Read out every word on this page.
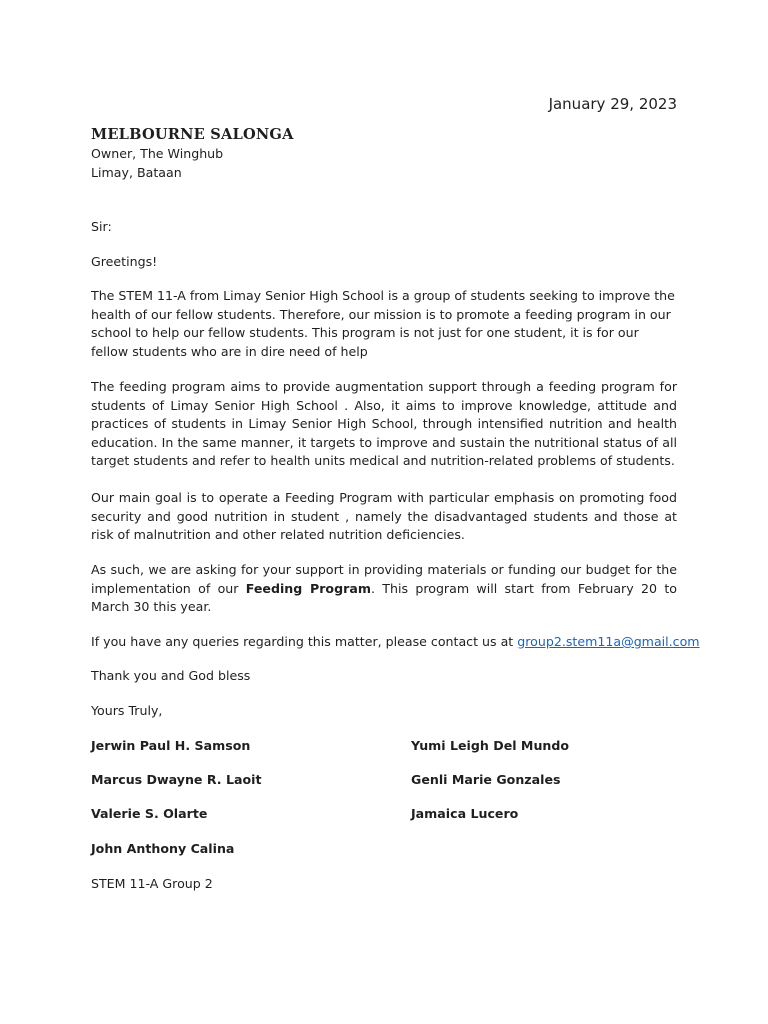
January 29, 2023

MELBOURNE SALONGA

Owner, The Winghub

Limay, Bataan

Sir:

Greetings!

The STEM 11-A from Limay Senior High School is a group of students seeking to improve the health of our fellow students. Therefore, our mission is to promote a feeding program in our school to help our fellow students. This program is not just for one student, it is for our fellow students who are in dire need of help

The feeding program aims to provide augmentation support through a feeding program for students of Limay Senior High School . Also, it aims to improve knowledge, attitude and practices of students in Limay Senior High School, through intensified nutrition and health education. In the same manner, it targets to improve and sustain the nutritional status of all target students and refer to health units medical and nutrition-related problems of students.

Our main goal is to operate a Feeding Program with particular emphasis on promoting food security and good nutrition in student , namely the disadvantaged students and those at risk of malnutrition and other related nutrition deficiencies.

As such, we are asking for your support in providing materials or funding our budget for the implementation of our Feeding Program. This program will start from February 20 to March 30 this year.

If you have any queries regarding this matter, please contact us at group2.stem11a@gmail.com

Thank you and God bless

Yours Truly,

Jerwin Paul H. Samson

Marcus Dwayne R. Laoit

Valerie S. Olarte

John Anthony Calina

Yumi Leigh Del Mundo

Genli Marie Gonzales

Jamaica Lucero

STEM 11-A Group 2
